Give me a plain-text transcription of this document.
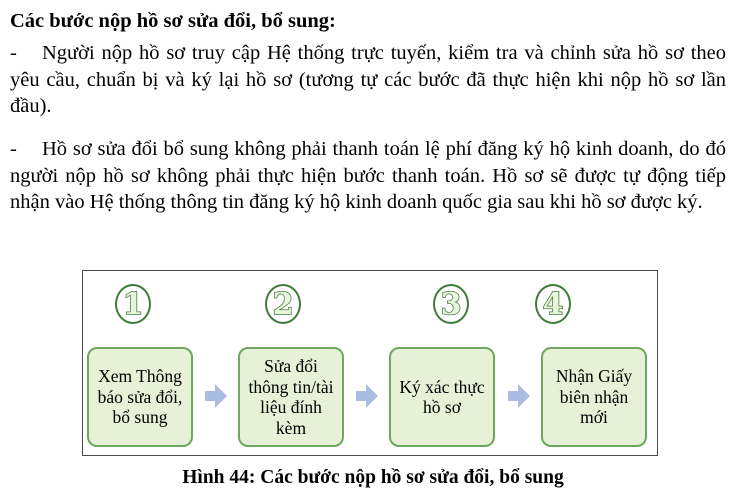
Các bước nộp hồ sơ sửa đổi, bổ sung:

- Người nộp hồ sơ truy cập Hệ thống trực tuyến, kiểm tra và chỉnh sửa hồ sơ theo yêu cầu, chuẩn bị và ký lại hồ sơ (tương tự các bước đã thực hiện khi nộp hồ sơ lần đầu).

- Hồ sơ sửa đổi bổ sung không phải thanh toán lệ phí đăng ký hộ kinh doanh, do đó người nộp hồ sơ không phải thực hiện bước thanh toán. Hồ sơ sẽ được tự động tiếp nhận vào Hệ thống thông tin đăng ký hộ kinh doanh quốc gia sau khi hồ sơ được ký.

1	2	3	4
Xem Thông báo sửa đổi, bổ sung
Sửa đổi thông tin/tài liệu đính kèm
Ký xác thực hồ sơ
Nhận Giấy biên nhận mới
Hình 44: Các bước nộp hồ sơ sửa đổi, bổ sung
